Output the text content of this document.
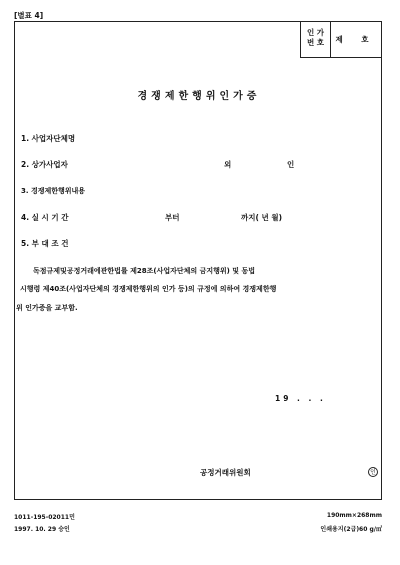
[별표 4]
인 가
번 호	제 호
경쟁제한행위인가증
1. 사업자단체명
2. 상가사업자	외	인
3. 경쟁제한행위내용
4. 실 시 기 간	부터	까지( 년 월)
5. 부 대 조 건
독점규제및공정거래에관한법률 제28조(사업자단체의 금지행위) 및 동법
시행령 제40조(사업자단체의 경쟁제한행위의 인가 등)의 규정에 의하여 경쟁제한행
위 인가증을 교부함.
19 . . .
공정거래위원회	인
1011-195-02011민
1997. 10. 29 승인
190mm×268mm
인쇄용지(2급)60 g/㎡
